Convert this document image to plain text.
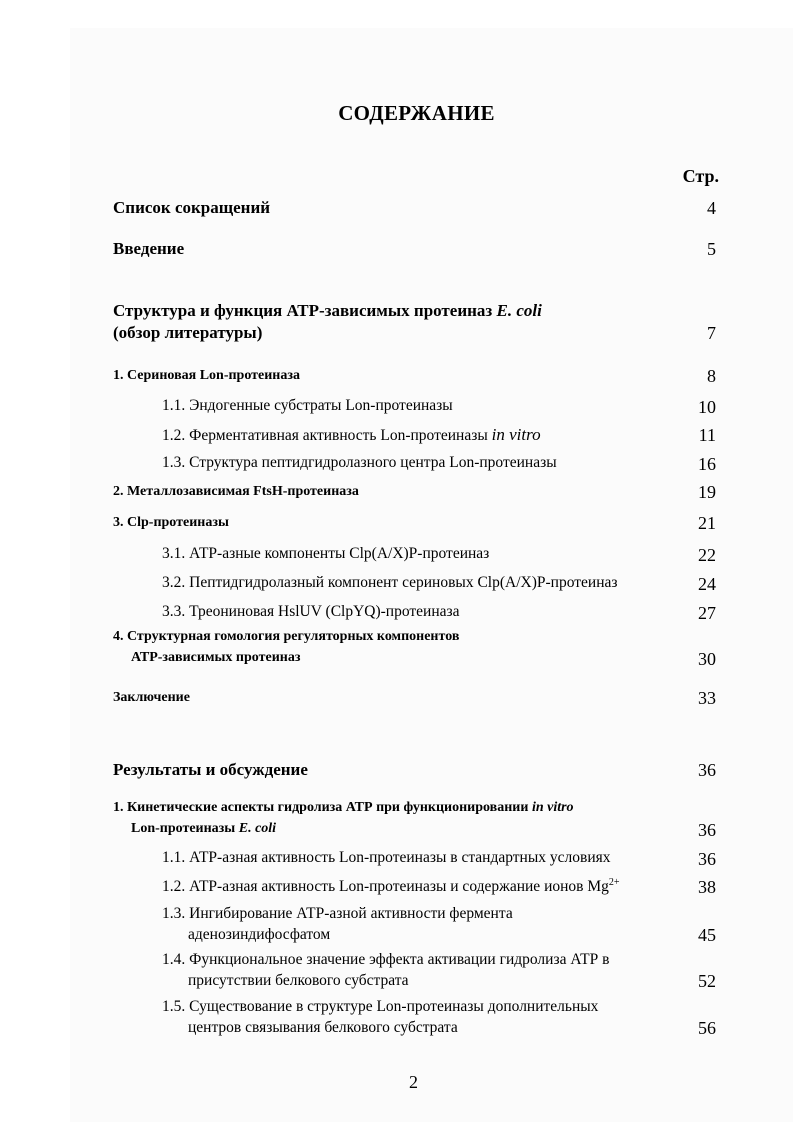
СОДЕРЖАНИЕ
Стр.
Список сокращений	4
Введение	5
Структура и функция АТР-зависимых протеиназ E. coli
(обзор литературы)	7
1. Сериновая Lon-протеиназа	8
1.1. Эндогенные субстраты Lon-протеиназы	10
1.2. Ферментативная активность Lon-протеиназы in vitro	11
1.3. Структура пептидгидролазного центра Lon-протеиназы	16
2. Металлозависимая FtsH-протеиназа	19
3. Clp-протеиназы	21
3.1. АТР-азные компоненты Clp(A/X)P-протеиназ	22
3.2. Пептидгидролазный компонент сериновых Clp(A/X)P-протеиназ	24
3.3. Треониновая HslUV (ClpYQ)-протеиназа	27
4. Структурная гомология регуляторных компонентов
АТР-зависимых протеиназ	30
Заключение	33
Результаты и обсуждение	36
1. Кинетические аспекты гидролиза АТР при функционировании in vitro
Lon-протеиназы E. coli	36
1.1. АТР-азная активность Lon-протеиназы в стандартных условиях	36
1.2. АТР-азная активность Lon-протеиназы и содержание ионов $Mg^{2+}$	38
1.3. Ингибирование АТР-азной активности фермента
аденозиндифосфатом	45
1.4. Функциональное значение эффекта активации гидролиза АТР в
присутствии белкового субстрата	52
1.5. Существование в структуре Lon-протеиназы дополнительных
центров связывания белкового субстрата	56
2
